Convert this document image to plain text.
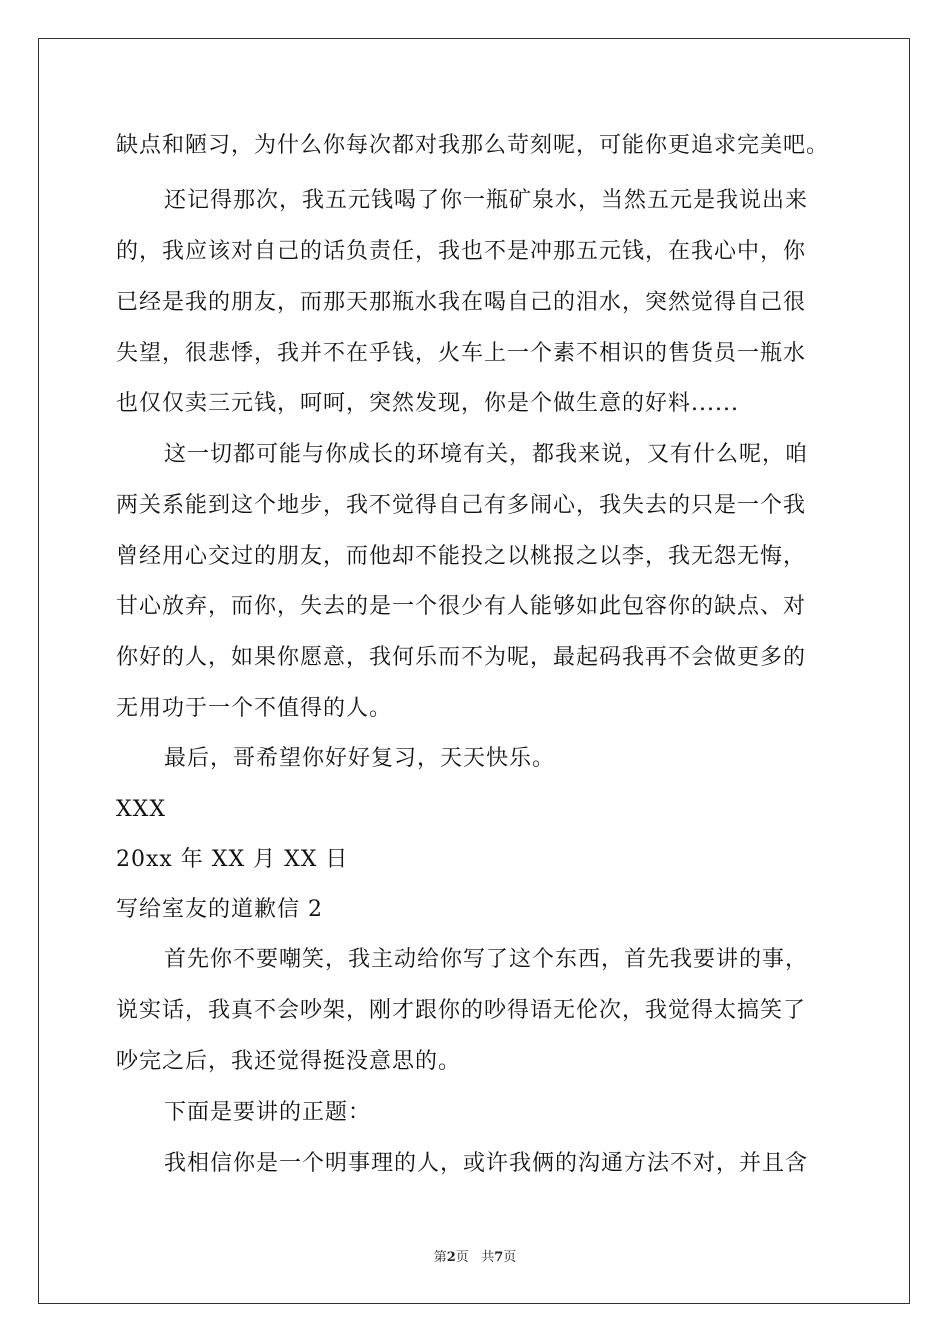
缺点和陋习，为什么你每次都对我那么苛刻呢，可能你更追求完美吧。
还记得那次，我五元钱喝了你一瓶矿泉水，当然五元是我说出来
的，我应该对自己的话负责任，我也不是冲那五元钱，在我心中，你
已经是我的朋友，而那天那瓶水我在喝自己的泪水，突然觉得自己很
失望，很悲悸，我并不在乎钱，火车上一个素不相识的售货员一瓶水
也仅仅卖三元钱，呵呵，突然发现，你是个做生意的好料......
这一切都可能与你成长的环境有关，都我来说，又有什么呢，咱
两关系能到这个地步，我不觉得自己有多闹心，我失去的只是一个我
曾经用心交过的朋友，而他却不能投之以桃报之以李，我无怨无悔，
甘心放弃，而你，失去的是一个很少有人能够如此包容你的缺点、对
你好的人，如果你愿意，我何乐而不为呢，最起码我再不会做更多的
无用功于一个不值得的人。
最后，哥希望你好好复习，天天快乐。
XXX
20xx 年 XX 月 XX 日
写给室友的道歉信 2
首先你不要嘲笑，我主动给你写了这个东西，首先我要讲的事，
说实话，我真不会吵架，刚才跟你的吵得语无伦次，我觉得太搞笑了
吵完之后，我还觉得挺没意思的。
下面是要讲的正题：
我相信你是一个明事理的人，或许我俩的沟通方法不对，并且含
第2页 共7页
